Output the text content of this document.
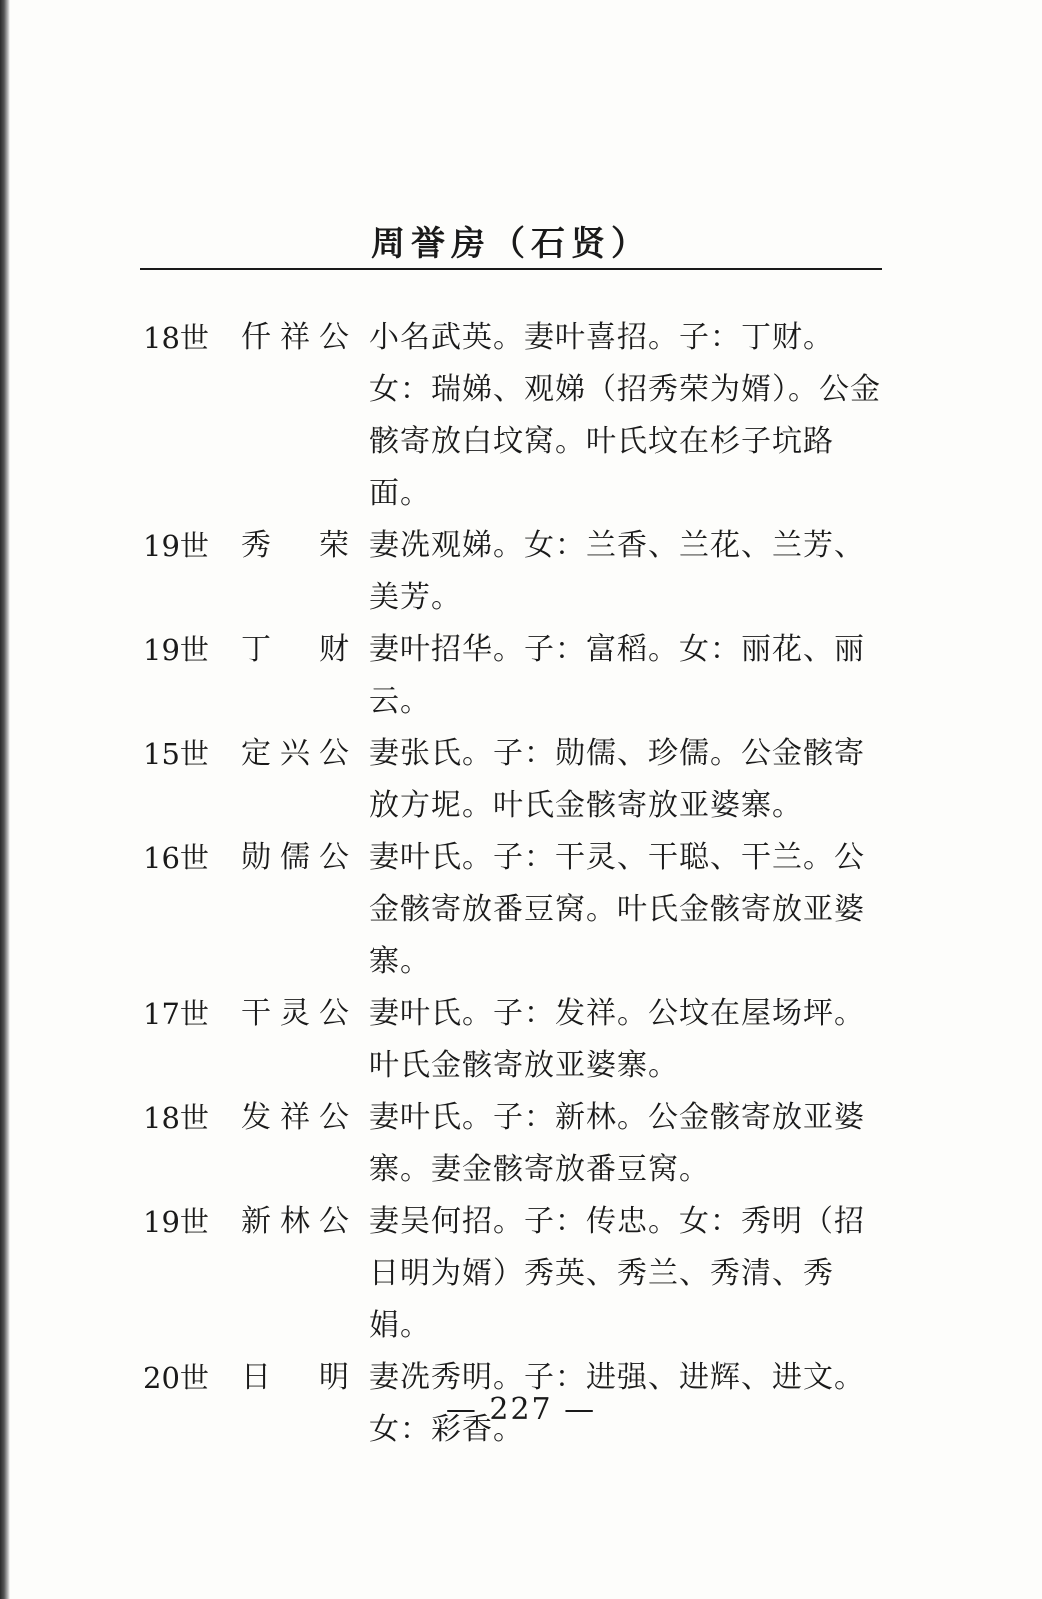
周誉房（石贤）
18世 仟祥公 小名武英。妻叶喜招。子：丁财。女：瑞娣、观娣（招秀荣为婿）。公金骸寄放白坟窝。叶氏坟在杉子坑路面。
19世 秀 荣 妻冼观娣。女：兰香、兰花、兰芳、美芳。
19世 丁 财 妻叶招华。子：富稻。女：丽花、丽云。
15世 定兴公 妻张氏。子：勋儒、珍儒。公金骸寄放方坭。叶氏金骸寄放亚婆寨。
16世 勋儒公 妻叶氏。子：干灵、干聪、干兰。公金骸寄放番豆窝。叶氏金骸寄放亚婆寨。
17世 干灵公 妻叶氏。子：发祥。公坟在屋场坪。叶氏金骸寄放亚婆寨。
18世 发祥公 妻叶氏。子：新林。公金骸寄放亚婆寨。妻金骸寄放番豆窝。
19世 新林公 妻吴何招。子：传忠。女：秀明（招日明为婿）秀英、秀兰、秀清、秀娟。
20世 日 明 妻冼秀明。子：进强、进辉、进文。女：彩香。
— 227 —
